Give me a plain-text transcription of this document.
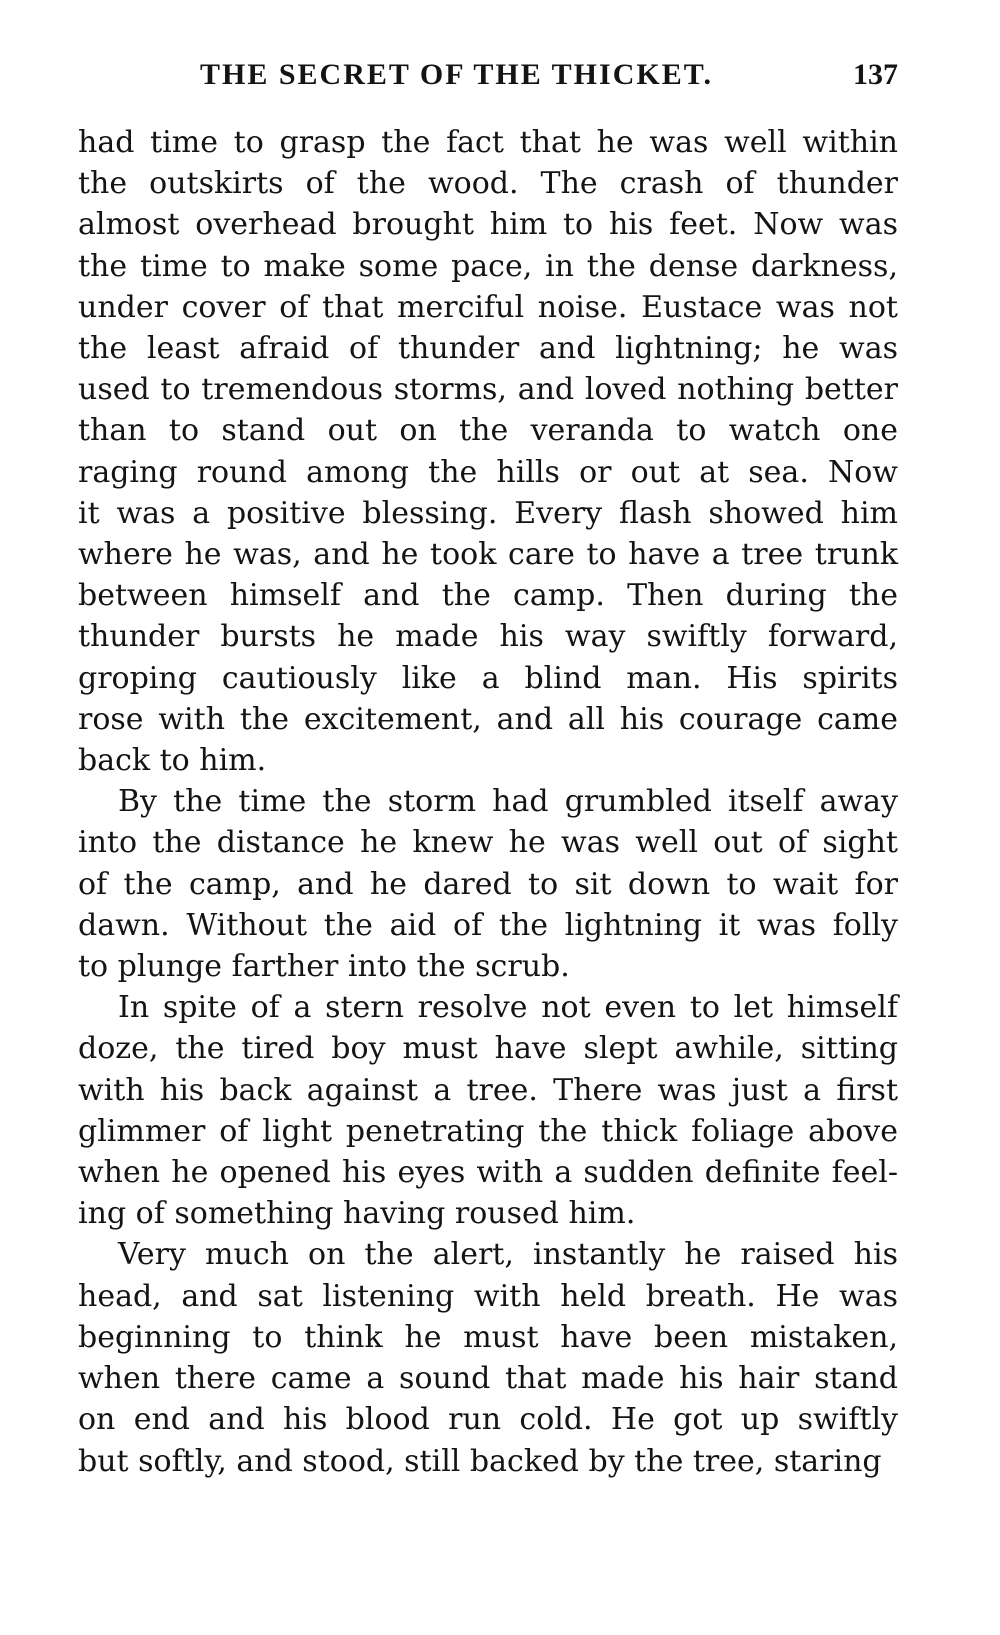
THE SECRET OF THE THICKET.	137

had time to grasp the fact that he was well within
the outskirts of the wood. The crash of thunder
almost overhead brought him to his feet. Now was
the time to make some pace, in the dense darkness,
under cover of that merciful noise. Eustace was not
the least afraid of thunder and lightning; he was
used to tremendous storms, and loved nothing better
than to stand out on the veranda to watch one
raging round among the hills or out at sea. Now
it was a positive blessing. Every flash showed him
where he was, and he took care to have a tree trunk
between himself and the camp. Then during the
thunder bursts he made his way swiftly forward,
groping cautiously like a blind man. His spirits
rose with the excitement, and all his courage came
back to him.

By the time the storm had grumbled itself away
into the distance he knew he was well out of sight
of the camp, and he dared to sit down to wait for
dawn. Without the aid of the lightning it was folly
to plunge farther into the scrub.

In spite of a stern resolve not even to let himself
doze, the tired boy must have slept awhile, sitting
with his back against a tree. There was just a first
glimmer of light penetrating the thick foliage above
when he opened his eyes with a sudden definite feel-
ing of something having roused him.

Very much on the alert, instantly he raised his
head, and sat listening with held breath. He was
beginning to think he must have been mistaken,
when there came a sound that made his hair stand
on end and his blood run cold. He got up swiftly
but softly, and stood, still backed by the tree, staring
